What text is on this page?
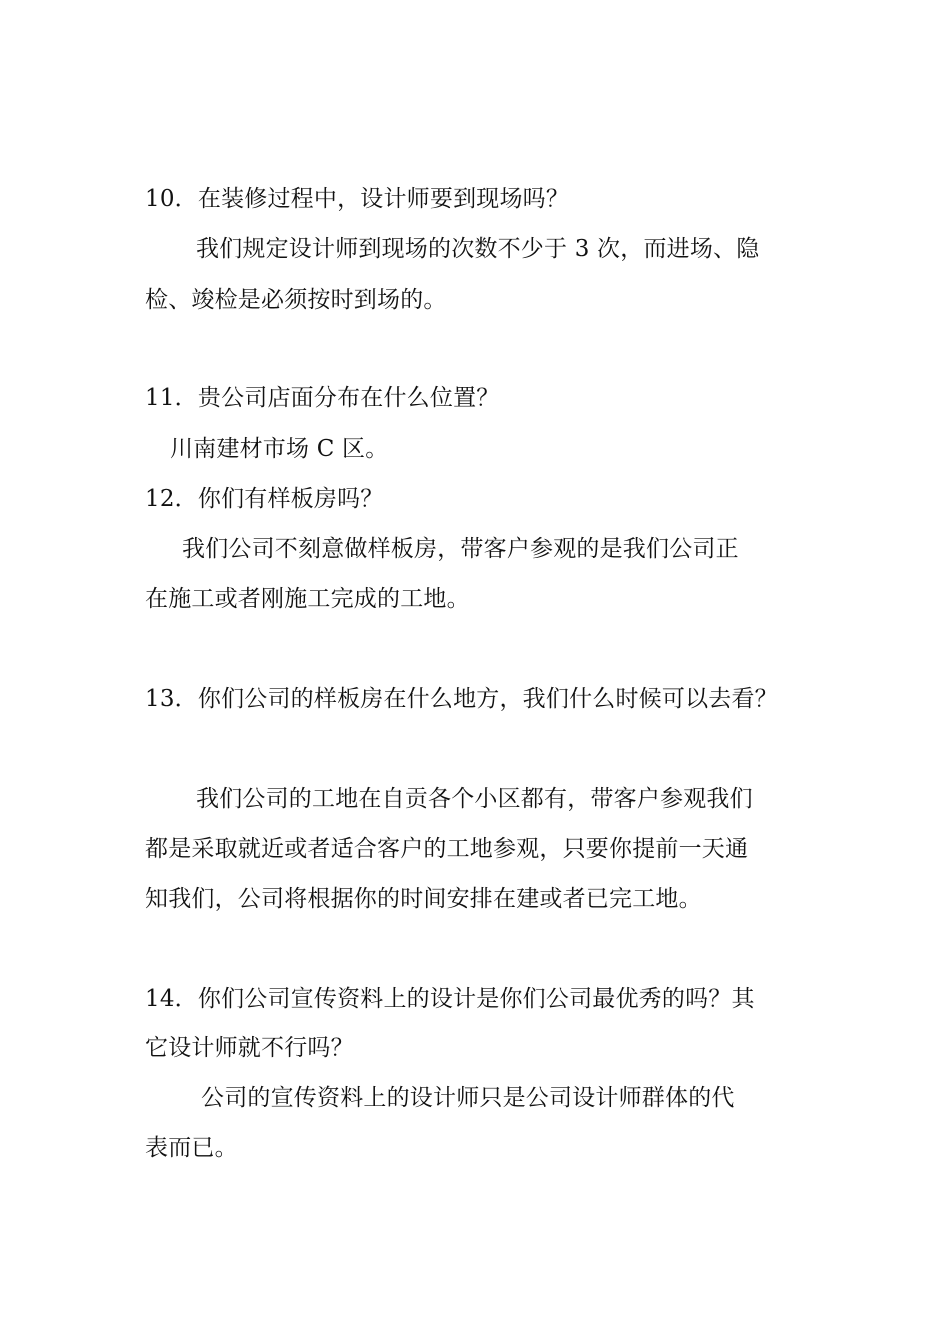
10．在装修过程中，设计师要到现场吗？
我们规定设计师到现场的次数不少于 3 次，而进场、隐
检、竣检是必须按时到场的。
11．贵公司店面分布在什么位置？
川南建材市场 C 区。
12．你们有样板房吗？
我们公司不刻意做样板房，带客户参观的是我们公司正
在施工或者刚施工完成的工地。
13．你们公司的样板房在什么地方，我们什么时候可以去看？
我们公司的工地在自贡各个小区都有，带客户参观我们
都是采取就近或者适合客户的工地参观，只要你提前一天通
知我们，公司将根据你的时间安排在建或者已完工地。
14．你们公司宣传资料上的设计是你们公司最优秀的吗？其
它设计师就不行吗？
公司的宣传资料上的设计师只是公司设计师群体的代
表而已。
